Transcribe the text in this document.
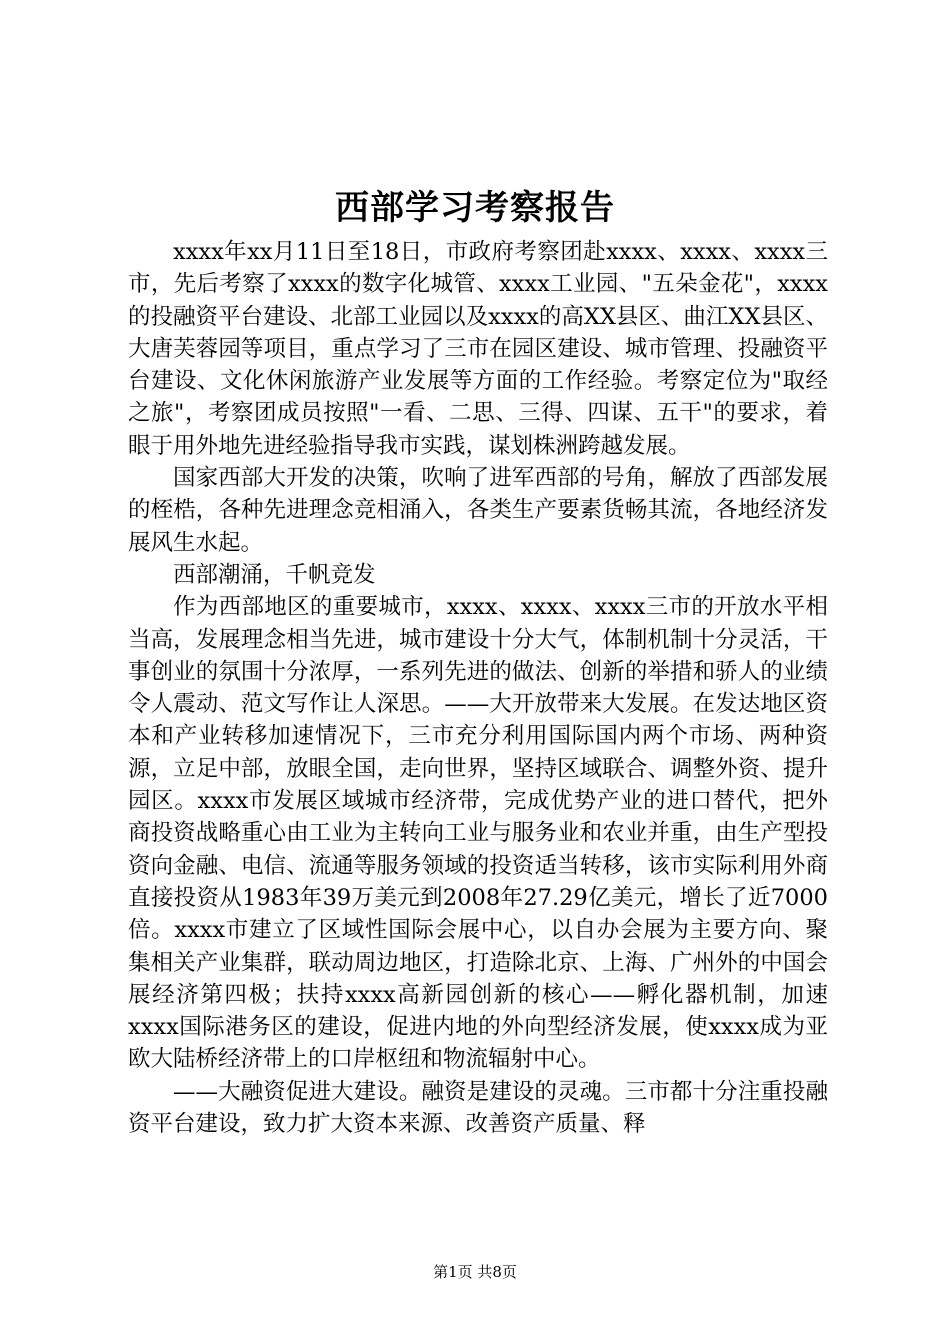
西部学习考察报告

xxxx年xx月11日至18日，市政府考察团赴xxxx、xxxx、xxxx三市，先后考察了xxxx的数字化城管、xxxx工业园、"五朵金花"，xxxx的投融资平台建设、北部工业园以及xxxx的高XX县区、曲江XX县区、大唐芙蓉园等项目，重点学习了三市在园区建设、城市管理、投融资平台建设、文化休闲旅游产业发展等方面的工作经验。考察定位为"取经之旅"，考察团成员按照"一看、二思、三得、四谋、五干"的要求，着眼于用外地先进经验指导我市实践，谋划株洲跨越发展。

国家西部大开发的决策，吹响了进军西部的号角，解放了西部发展的桎梏，各种先进理念竞相涌入，各类生产要素货畅其流，各地经济发展风生水起。

西部潮涌，千帆竞发

作为西部地区的重要城市，xxxx、xxxx、xxxx三市的开放水平相当高，发展理念相当先进，城市建设十分大气，体制机制十分灵活，干事创业的氛围十分浓厚，一系列先进的做法、创新的举措和骄人的业绩令人震动、范文写作让人深思。——大开放带来大发展。在发达地区资本和产业转移加速情况下，三市充分利用国际国内两个市场、两种资源，立足中部，放眼全国，走向世界，坚持区域联合、调整外资、提升园区。xxxx市发展区域城市经济带，完成优势产业的进口替代，把外商投资战略重心由工业为主转向工业与服务业和农业并重，由生产型投资向金融、电信、流通等服务领域的投资适当转移，该市实际利用外商直接投资从1983年39万美元到2008年27.29亿美元，增长了近7000倍。xxxx市建立了区域性国际会展中心，以自办会展为主要方向、聚集相关产业集群，联动周边地区，打造除北京、上海、广州外的中国会展经济第四极；扶持xxxx高新园创新的核心——孵化器机制，加速xxxx国际港务区的建设，促进内地的外向型经济发展，使xxxx成为亚欧大陆桥经济带上的口岸枢纽和物流辐射中心。

——大融资促进大建设。融资是建设的灵魂。三市都十分注重投融资平台建设，致力扩大资本来源、改善资产质量、释

第1页 共8页
